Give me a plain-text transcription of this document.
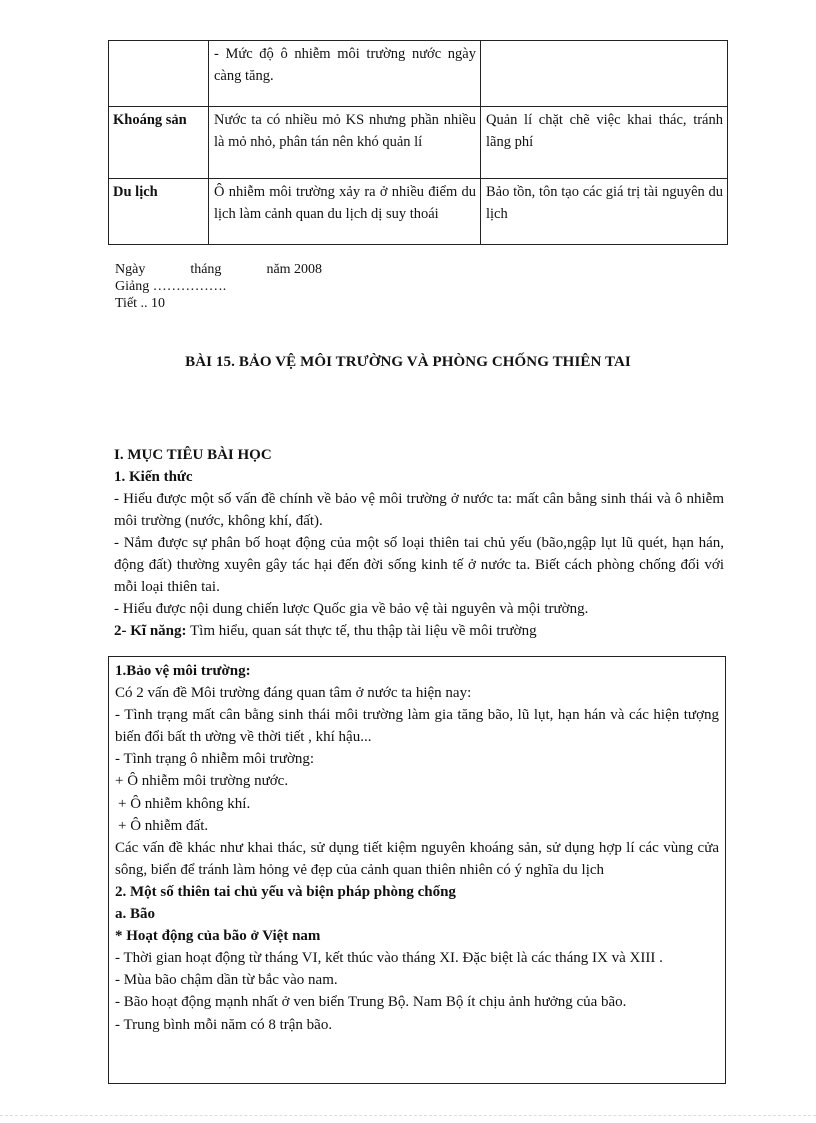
	- Mức độ ô nhiễm môi trường nước ngày càng tăng.	
Khoáng sản	Nước ta có nhiều mỏ KS nhưng phần nhiều là mỏ nhỏ, phân tán nên khó quản lí	Quản lí chặt chẽ việc khai thác, tránh lãng phí
Du lịch	Ô nhiễm môi trường xảy ra ở nhiều điểm du lịch làm cảnh quan du lịch dị suy thoái	Bảo tồn, tôn tạo các giá trị tài nguyên du lịch
Ngày	tháng	năm 2008
Giảng …………….
Tiết .. 10
BÀI 15. BẢO VỆ MÔI TRƯỜNG VÀ PHÒNG CHỐNG THIÊN TAI

I. MỤC TIÊU BÀI HỌC

1. Kiến thức

- Hiểu được một số vấn đề chính về bảo vệ môi trường ở nước ta: mất cân bằng sinh thái và ô nhiễm môi trường (nước, không khí, đất).

- Nắm được sự phân bố hoạt động của một số loại thiên tai chủ yếu (bão,ngập lụt lũ quét, hạn hán, động đất) thường xuyên gây tác hại đến đời sống kinh tế ở nước ta. Biết cách phòng chống đối với mỗi loại thiên tai.

- Hiểu được nội dung chiến lược Quốc gia về bảo vệ tài nguyên và mội trường.

2- Kĩ năng: Tìm hiểu, quan sát thực tế, thu thập tài liệu về môi trường

1.Bảo vệ môi trường:

Có 2 vấn đề Môi trường đáng quan tâm ở nước ta hiện nay:

- Tình trạng mất cân bằng sinh thái môi trường làm gia tăng bão, lũ lụt, hạn hán và các hiện tượng biến đổi bất th ường về thời tiết , khí hậu...

- Tình trạng ô nhiễm môi trường:

+ Ô nhiễm môi trường nước.

+ Ô nhiễm không khí.

+ Ô nhiễm đất.

Các vấn đề khác như khai thác, sử dụng tiết kiệm nguyên khoáng sản, sử dụng hợp lí các vùng cửa sông, biển để tránh làm hỏng vẻ đẹp của cảnh quan thiên nhiên có ý nghĩa du lịch

2. Một số thiên tai chủ yếu và biện pháp phòng chống

a. Bão

* Hoạt động của bão ở Việt nam

- Thời gian hoạt động từ tháng VI, kết thúc vào tháng XI. Đặc biệt là các tháng IX và XIII .

- Mùa bão chậm dần từ bắc vào nam.

- Bão hoạt động mạnh nhất ở ven biển Trung Bộ. Nam Bộ ít chịu ảnh hưởng của bão.

- Trung bình mỗi năm có 8 trận bão.
